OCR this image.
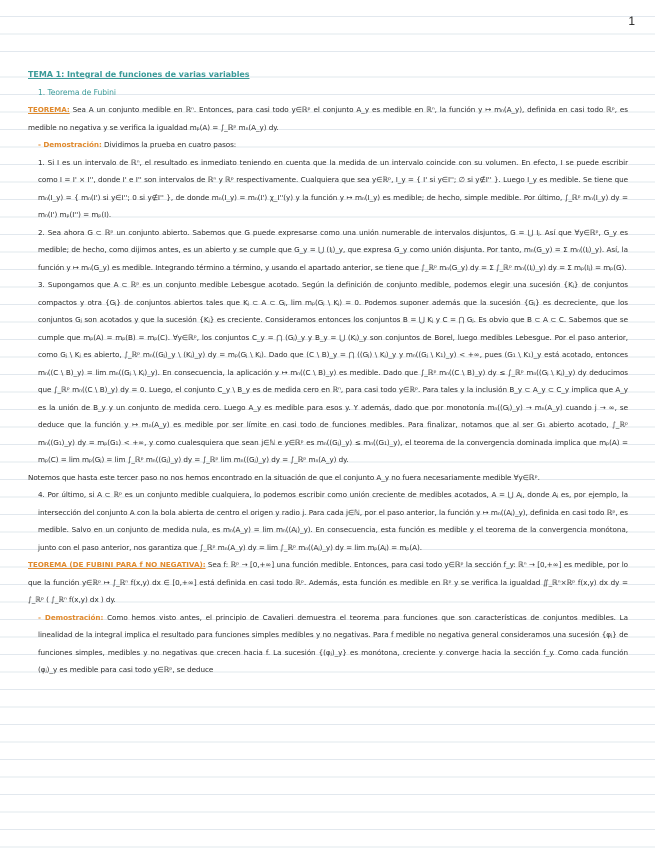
1

TEMA 1: Integral de funciones de varias variables

1. Teorema de Fubini

TEOREMA: Sea A un conjunto medible en ℝⁿ. Entonces, para casi todo y∈ℝᵖ el conjunto A_y es medible en ℝⁿ, la función y ↦ mₙ(A_y), definida en casi todo ℝᵖ, es medible no negativa y se verifica la igualdad mₚ(A) = ∫_ℝᵖ mₙ(A_y) dy.

- Demostración: Dividimos la prueba en cuatro pasos:

1. Si I es un intervalo de ℝⁿ, el resultado es inmediato teniendo en cuenta que la medida de un intervalo coincide con su volumen. En efecto, I se puede escribir como I = I' × I'', donde I' e I'' son intervalos de ℝⁿ y ℝᵖ respectivamente. Cualquiera que sea y∈ℝᵖ, I_y = { I' si y∈I''; ∅ si y∉I'' }. Luego I_y es medible. Se tiene que mₙ(I_y) = { mₙ(I') si y∈I''; 0 si y∉I'' }, de donde mₙ(I_y) = mₙ(I') χ_I''(y) y la función y ↦ mₙ(I_y) es medible; de hecho, simple medible. Por último, ∫_ℝᵖ mₙ(I_y) dy = mₙ(I') mₚ(I'') = mₚ(I).

2. Sea ahora G ⊂ ℝᵖ un conjunto abierto. Sabemos que G puede expresarse como una unión numerable de intervalos disjuntos, G = ⋃ Iⱼ. Así que ∀y∈ℝᵖ, G_y es medible; de hecho, como dijimos antes, es un abierto y se cumple que G_y = ⋃ (Iⱼ)_y, que expresa G_y como unión disjunta. Por tanto, mₙ(G_y) = Σ mₙ((Iⱼ)_y). Así, la función y ↦ mₙ(G_y) es medible. Integrando término a término, y usando el apartado anterior, se tiene que ∫_ℝᵖ mₙ(G_y) dy = Σ ∫_ℝᵖ mₙ((Iⱼ)_y) dy = Σ mₚ(Iⱼ) = mₚ(G).

3. Supongamos que A ⊂ ℝᵖ es un conjunto medible Lebesgue acotado. Según la definición de conjunto medible, podemos elegir una sucesión {Kⱼ} de conjuntos compactos y otra {Gⱼ} de conjuntos abiertos tales que Kⱼ ⊂ A ⊂ Gⱼ, lim mₚ(Gⱼ \ Kⱼ) = 0. Podemos suponer además que la sucesión {Gⱼ} es decreciente, que los conjuntos Gⱼ son acotados y que la sucesión {Kⱼ} es creciente. Consideramos entonces los conjuntos B = ⋃ Kⱼ y C = ⋂ Gⱼ. Es obvio que B ⊂ A ⊂ C. Sabemos que se cumple que mₚ(A) = mₚ(B) = mₚ(C). ∀y∈ℝᵖ, los conjuntos C_y = ⋂ (Gⱼ)_y y B_y = ⋃ (Kⱼ)_y son conjuntos de Borel, luego medibles Lebesgue. Por el paso anterior, como Gⱼ \ Kⱼ es abierto, ∫_ℝᵖ mₙ((Gⱼ)_y \ (Kⱼ)_y) dy = mₚ(Gⱼ \ Kⱼ). Dado que (C \ B)_y = ⋂ ((Gⱼ) \ Kⱼ)_y y mₙ((Gⱼ \ K₁)_y) < +∞, pues (G₁ \ K₁)_y está acotado, entonces mₙ((C \ B)_y) = lim mₙ((Gⱼ \ Kⱼ)_y). En consecuencia, la aplicación y ↦ mₙ((C \ B)_y) es medible. Dado que ∫_ℝᵖ mₙ((C \ B)_y) dy ≤ ∫_ℝᵖ mₙ((Gⱼ \ Kⱼ)_y) dy deducimos que ∫_ℝᵖ mₙ((C \ B)_y) dy = 0. Luego, el conjunto C_y \ B_y es de medida cero en ℝⁿ, para casi todo y∈ℝᵖ. Para tales y la inclusión B_y ⊂ A_y ⊂ C_y implica que A_y es la unión de B_y y un conjunto de medida cero. Luego A_y es medible para esos y. Y además, dado que por monotonía mₙ((Gⱼ)_y) → mₙ(A_y) cuando j → ∞, se deduce que la función y ↦ mₙ(A_y) es medible por ser límite en casi todo de funciones medibles. Para finalizar, notamos que al ser G₁ abierto acotado, ∫_ℝᵖ mₙ((G₁)_y) dy = mₚ(G₁) < +∞, y como cualesquiera que sean j∈ℕ e y∈ℝᵖ es mₙ((Gⱼ)_y) ≤ mₙ((G₁)_y), el teorema de la convergencia dominada implica que mₚ(A) = mₚ(C) = lim mₚ(Gⱼ) = lim ∫_ℝᵖ mₙ((Gⱼ)_y) dy = ∫_ℝᵖ lim mₙ((Gⱼ)_y) dy = ∫_ℝᵖ mₙ(A_y) dy.

Notemos que hasta este tercer paso no nos hemos encontrado en la situación de que el conjunto A_y no fuera necesariamente medible ∀y∈ℝᵖ.

4. Por último, si A ⊂ ℝᵖ es un conjunto medible cualquiera, lo podemos escribir como unión creciente de medibles acotados, A = ⋃ Aⱼ, donde Aⱼ es, por ejemplo, la intersección del conjunto A con la bola abierta de centro el origen y radio j. Para cada j∈ℕ, por el paso anterior, la función y ↦ mₙ((Aⱼ)_y), definida en casi todo ℝᵖ, es medible. Salvo en un conjunto de medida nula, es mₙ(A_y) = lim mₙ((Aⱼ)_y). En consecuencia, esta función es medible y el teorema de la convergencia monótona, junto con el paso anterior, nos garantiza que ∫_ℝᵖ mₙ(A_y) dy = lim ∫_ℝᵖ mₙ((Aⱼ)_y) dy = lim mₚ(Aⱼ) = mₚ(A).

TEOREMA (DE FUBINI PARA f NO NEGATIVA): Sea f: ℝᵖ → [0,+∞] una función medible. Entonces, para casi todo y∈ℝᵖ la sección f_y: ℝⁿ → [0,+∞] es medible, por lo que la función y∈ℝᵖ ↦ ∫_ℝⁿ f(x,y) dx ∈ [0,+∞] está definida en casi todo ℝᵖ. Además, esta función es medible en ℝᵖ y se verifica la igualdad ∬_ℝⁿ×ℝᵖ f(x,y) dx dy = ∫_ℝᵖ ( ∫_ℝⁿ f(x,y) dx ) dy.

- Demostración: Como hemos visto antes, el principio de Cavalieri demuestra el teorema para funciones que son características de conjuntos medibles. La linealidad de la integral implica el resultado para funciones simples medibles y no negativas. Para f medible no negativa general consideramos una sucesión {φⱼ} de funciones simples, medibles y no negativas que crecen hacia f. La sucesión {(φⱼ)_y} es monótona, creciente y converge hacia la sección f_y. Como cada función (φⱼ)_y es medible para casi todo y∈ℝᵖ, se deduce
